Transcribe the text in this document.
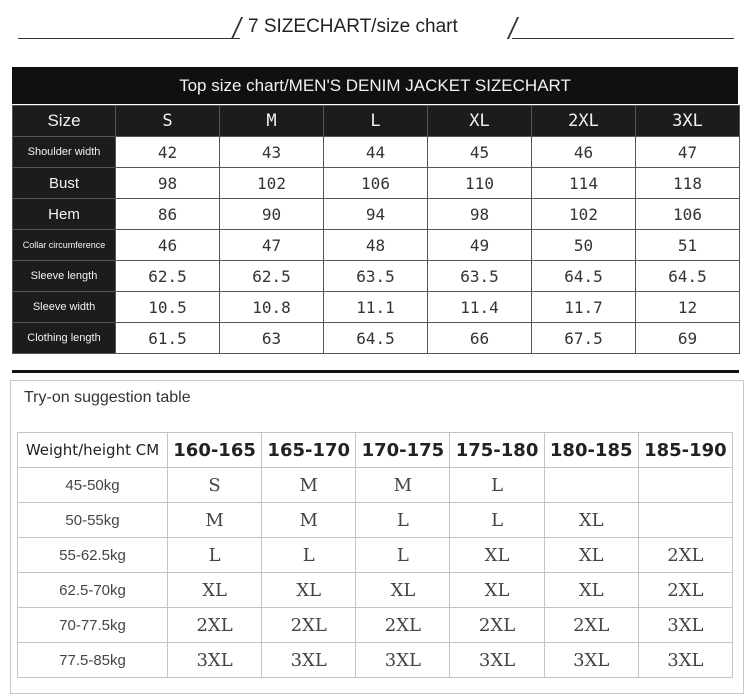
7 SIZECHART/size chart
Top size chart/MEN'S DENIM JACKET SIZECHART
Size	S	M	L	XL	2XL	3XL
Shoulder width	42	43	44	45	46	47
Bust	98	102	106	110	114	118
Hem	86	90	94	98	102	106
Collar circumference	46	47	48	49	50	51
Sleeve length	62.5	62.5	63.5	63.5	64.5	64.5
Sleeve width	10.5	10.8	11.1	11.4	11.7	12
Clothing length	61.5	63	64.5	66	67.5	69
Try-on suggestion table
Weight/height CM	160-165	165-170	170-175	175-180	180-185	185-190
45-50kg	S	M	M	L		
50-55kg	M	M	L	L	XL	
55-62.5kg	L	L	L	XL	XL	2XL
62.5-70kg	XL	XL	XL	XL	XL	2XL
70-77.5kg	2XL	2XL	2XL	2XL	2XL	3XL
77.5-85kg	3XL	3XL	3XL	3XL	3XL	3XL
